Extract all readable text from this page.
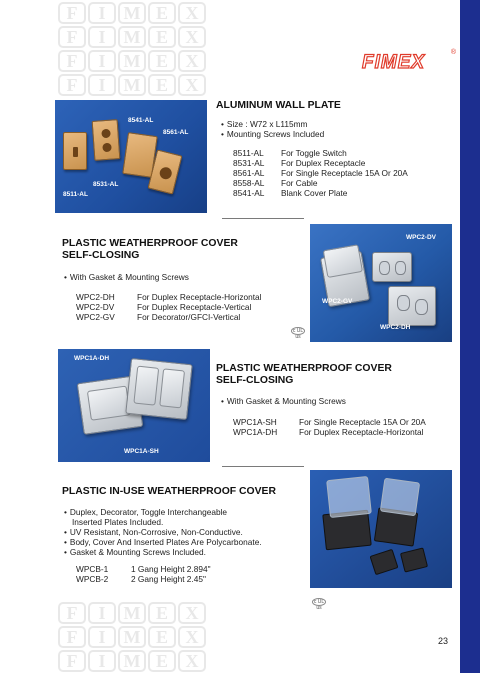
F	I	M E X
F	I	M E X
F	I	M E X
F	I	M E X
F	I	M E X
F	I	M E X
F	I	M E X
FIMEX	®
8541-AL
8561-AL
8531-AL
8511-AL
ALUMINUM WALL PLATE
• Size : W72 x L115mm
• Mounting Screws Included
8511-AL	For Toggle Switch
8531-AL	For Duplex Receptacle
8561-AL	For Single Receptacle 15A Or 20A
8558-AL	For Cable
8541-AL	Blank Cover Plate
PLASTIC WEATHERPROOF COVER
SELF-CLOSING
• With Gasket & Mounting Screws
WPC2-DH	For Duplex Receptacle-Horizontal
WPC2-DV	For Duplex Receptacle-Vertical
WPC2-GV	For Decorator/GFCI-Vertical
WPC2-DV
WPC2-GV
WPC2-DH
c UL us
WPC1A-DH
WPC1A-SH
PLASTIC WEATHERPROOF COVER
SELF-CLOSING
• With Gasket & Mounting Screws
WPC1A-SH	For Single Receptacle 15A Or 20A
WPC1A-DH	For Duplex Receptacle-Horizontal
PLASTIC IN-USE WEATHERPROOF COVER
• Duplex, Decorator, Toggle Interchangeable
Inserted Plates Included.
• UV Resistant, Non-Corrosive, Non-Conductive.
• Body, Cover And Inserted Plates Are Polycarbonate.
• Gasket & Mounting Screws Included.
WPCB-1	1 Gang Height 2.894"
WPCB-2	2 Gang Height 2.45"
c UL us
23
